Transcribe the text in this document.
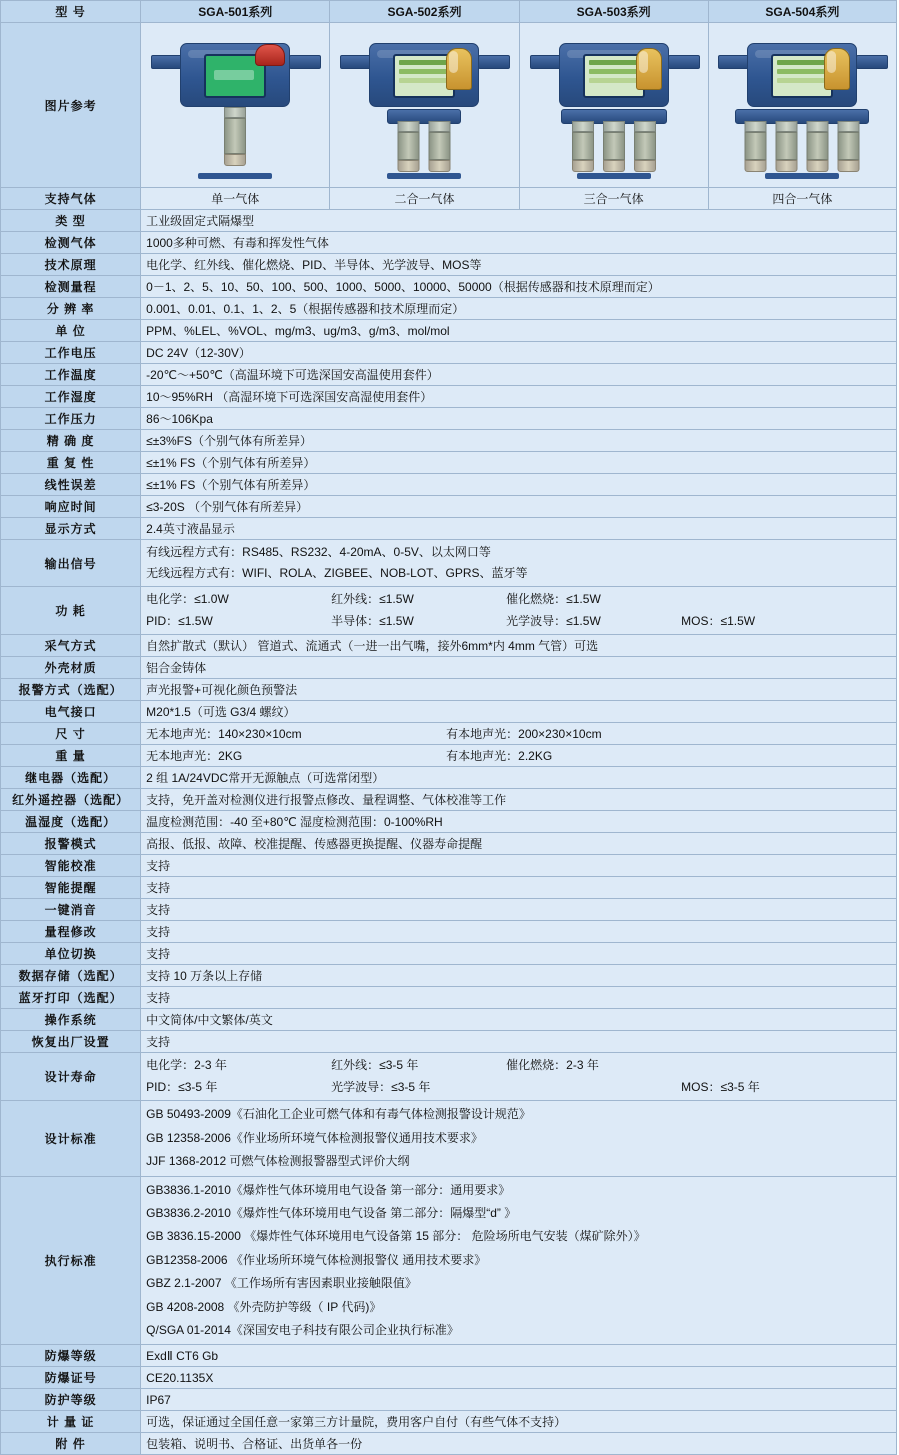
型 号	SGA-501系列	SGA-502系列	SGA-503系列	SGA-504系列
图片参考	

支持气体	单一气体	二合一气体	三合一气体	四合一气体
类 型	工业级固定式隔爆型			
检测气体	1000多种可燃、有毒和挥发性气体			
技术原理	电化学、红外线、催化燃烧、PID、半导体、光学波导、MOS等			
检测量程	0－1、2、5、10、50、100、500、1000、5000、10000、50000（根据传感器和技术原理而定）			
分 辨 率	0.001、0.01、0.1、1、2、5（根据传感器和技术原理而定）			
单 位	PPM、%LEL、%VOL、mg/m3、ug/m3、g/m3、mol/mol			
工作电压	DC 24V（12-30V）			
工作温度	-20℃～+50℃（高温环境下可选深国安高温使用套件）			
工作湿度	10～95%RH （高湿环境下可选深国安高湿使用套件）			
工作压力	86～106Kpa			
精 确 度	≤±3%FS（个别气体有所差异）			
重 复 性	≤±1% FS（个别气体有所差异）			
线性误差	≤±1% FS（个别气体有所差异）			
响应时间	≤3-20S （个别气体有所差异）			
显示方式	2.4英寸液晶显示			
输出信号	有线远程方式有：RS485、RS232、4-20mA、0-5V、以太网口等
无线远程方式有：WIFI、ROLA、ZIGBEE、NOB-LOT、GPRS、蓝牙等			

功 耗	
电化学：≤1.0W	红外线：≤1.5W	催化燃烧：≤1.5W
PID：≤1.5W	半导体：≤1.5W	光学波导：≤1.5W	MOS：≤1.5W

采气方式	自然扩散式（默认） 管道式、流通式（一进一出气嘴，接外6mm*内 4mm 气管）可选			
外壳材质	铝合金铸体			
报警方式（选配）	声光报警+可视化颜色预警法			
电气接口	M20*1.5（可选 G3/4 螺纹）			
尺 寸	无本地声光：140×230×10cm 有本地声光：200×230×10cm			

重 量	无本地声光：2KG 有本地声光：2.2KG			

继电器（选配）	2 组 1A/24VDC常开无源触点（可选常闭型）			
红外遥控器（选配）	支持，免开盖对检测仪进行报警点修改、量程调整、气体校准等工作			
温湿度（选配）	温度检测范围：-40 至+80℃ 湿度检测范围：0-100%RH			
报警模式	高报、低报、故障、校准提醒、传感器更换提醒、仪器寿命提醒			
智能校准	支持			
智能提醒	支持			
一键消音	支持			
量程修改	支持			
单位切换	支持			
数据存储（选配）	支持 10 万条以上存储			
蓝牙打印（选配）	支持			
操作系统	中文简体/中文繁体/英文			
恢复出厂设置	支持			
设计寿命	
电化学：2-3 年	红外线：≤3-5 年	催化燃烧：2-3 年
PID：≤3-5 年	光学波导：≤3-5 年	MOS：≤3-5 年

设计标准	GB 50493-2009《石油化工企业可燃气体和有毒气体检测报警设计规范》
GB 12358-2006《作业场所环境气体检测报警仪通用技术要求》
JJF 1368-2012 可燃气体检测报警器型式评价大纲			

执行标准	
GB3836.1-2010《爆炸性气体环境用电气设备 第一部分：通用要求》
GB3836.2-2010《爆炸性气体环境用电气设备 第二部分：隔爆型“d” 》
GB 3836.15-2000 《爆炸性气体环境用电气设备第 15 部分： 危险场所电气安装（煤矿除外）》
GB12358-2006 《作业场所环境气体检测报警仪 通用技术要求》
GBZ 2.1-2007 《工作场所有害因素职业接触限值》
GB 4208-2008 《外壳防护等级（ IP 代码)》
Q/SGA 01-2014《深国安电子科技有限公司企业执行标准》

防爆等级	ExdⅡ CT6 Gb			
防爆证号	CE20.1135X			
防护等级	IP67			
计 量 证	可选，保证通过全国任意一家第三方计量院，费用客户自付（有些气体不支持）			
附 件	包装箱、说明书、合格证、出货单各一份			
